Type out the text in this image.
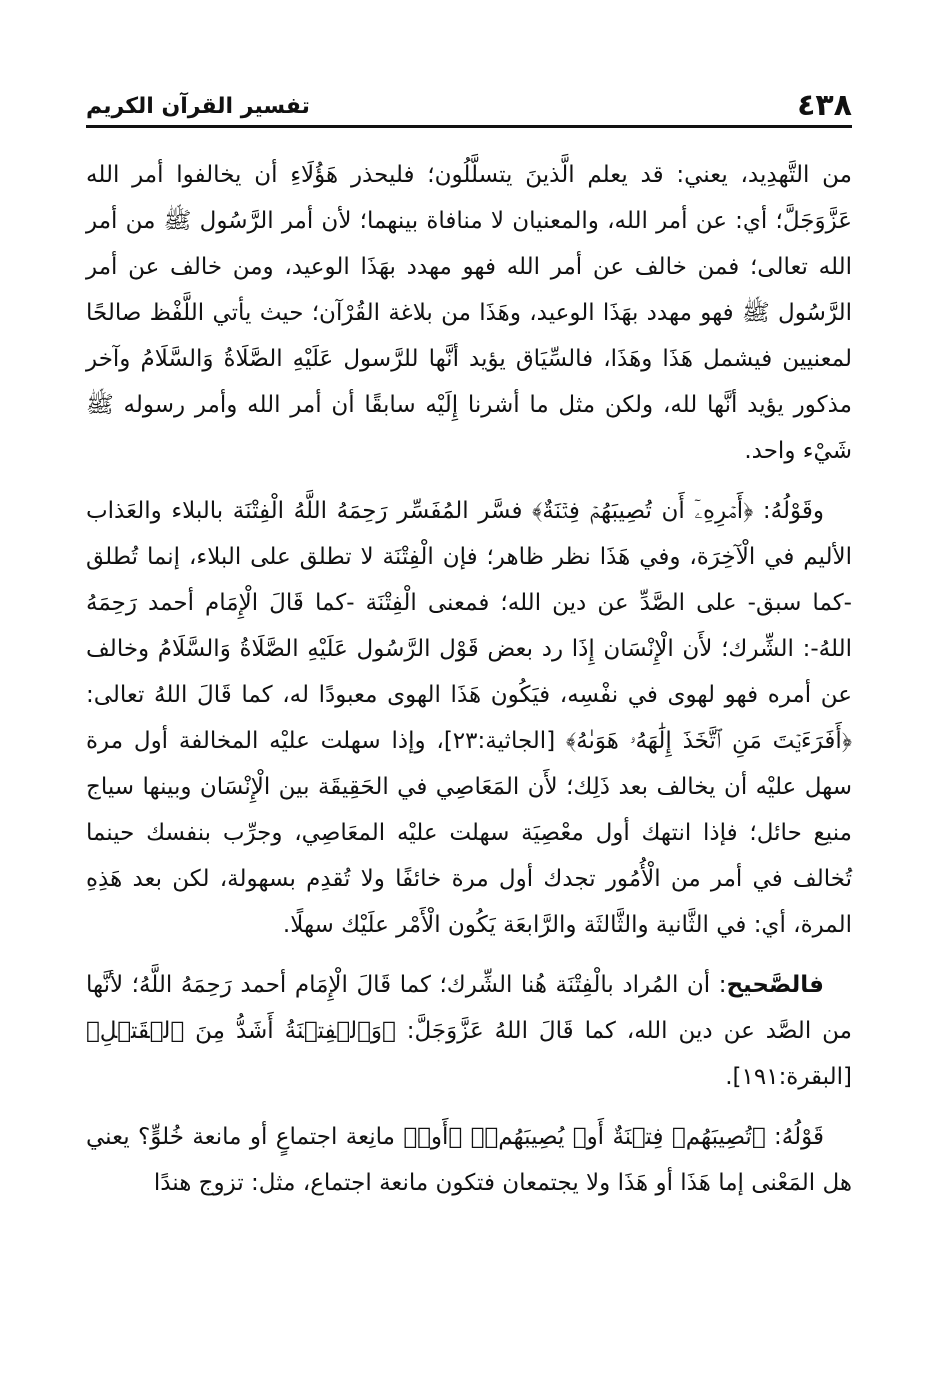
٤٣٨
تفسير القرآن الكريم

من التَّهدِيد، يعني: قد يعلم الَّذينَ يتسلَّلُون؛ فليحذر هَؤُلَاءِ أن يخالفوا أمر الله عَزَّوَجَلَّ؛ أي: عن أمر الله، والمعنيان لا منافاة بينهما؛ لأن أمر الرَّسُول ﷺ من أمر الله تعالى؛ فمن خالف عن أمر الله فهو مهدد بهَذَا الوعيد، ومن خالف عن أمر الرَّسُول ﷺ فهو مهدد بهَذَا الوعيد، وهَذَا من بلاغة القُرْآن؛ حيث يأتي اللَّفْظ صالحًا لمعنيين فيشمل هَذَا وهَذَا، فالسِّيَاق يؤيد أنَّها للرَّسول عَلَيْهِ الصَّلَاةُ وَالسَّلَامُ وآخر مذكور يؤيد أنَّها لله، ولكن مثل ما أشرنا إِلَيْه سابقًا أن أمر الله وأمر رسوله ﷺ شَيْء واحد.

وقَوْلُهُ: ﴿أَمۡرِهِۦٓ أَن تُصِيبَهُمۡ فِتۡنَةٌ﴾ فسَّر المُفَسِّر رَحِمَهُ اللَّهُ الْفِتْنَة بالبلاء والعَذاب الأليم في الْآخِرَة، وفي هَذَا نظر ظاهر؛ فإن الْفِتْنَة لا تطلق على البلاء، إنما تُطلق -كما سبق- على الصَّدِّ عن دين الله؛ فمعنى الْفِتْنَة -كما قَالَ الْإِمَام أحمد رَحِمَهُ اللهُ-: الشِّرك؛ لأَن الْإِنْسَان إِذَا رد بعض قَوْل الرَّسُول عَلَيْهِ الصَّلَاةُ وَالسَّلَامُ وخالف عن أمره فهو لهوى في نفْسِه، فيَكُون هَذَا الهوى معبودًا له، كما قَالَ اللهُ تعالى: ﴿أَفَرَءَيۡتَ مَنِ ٱتَّخَذَ إِلَٰهَهُۥ هَوَىٰهُ﴾ [الجاثية:٢٣]، وإذا سهلت عليْه المخالفة أول مرة سهل عليْه أن يخالف بعد ذَلِك؛ لأَن المَعَاصِي في الحَقِيقَة بين الْإِنْسَان وبينها سياج منيع حائل؛ فإذا انتهك أول معْصِيَة سهلت عليْه المعَاصِي، وجرِّب بنفسك حينما تُخالف في أمر من الْأُمُور تجدك أول مرة خائفًا ولا تُقدِم بسهولة، لكن بعد هَذِهِ المرة، أي: في الثَّانية والثَّالثَة والرَّابعَة يَكُون الْأَمْر علَيْك سهلًا.

فالصَّحيح: أن المُراد بالْفِتْنَة هُنا الشِّرك؛ كما قَالَ الْإِمَام أحمد رَحِمَهُ اللَّهُ؛ لأنَّها من الصَّد عن دين الله، كما قَالَ اللهُ عَزَّوَجَلَّ: ﴿وَٱلۡفِتۡنَةُ أَشَدُّ مِنَ ٱلۡقَتۡلِ﴾ [البقرة:١٩١].

قَوْلُهُ: ﴿تُصِيبَهُمۡ فِتۡنَةٌ أَوۡ يُصِيبَهُمۡ﴾ ﴿أَوۡ﴾ مانِعة اجتماعٍ أو مانعة خُلوٍّ؟ يعني هل المَعْنى إما هَذَا أو هَذَا ولا يجتمعان فتكون مانعة اجتماع، مثل: تزوج هندًا
